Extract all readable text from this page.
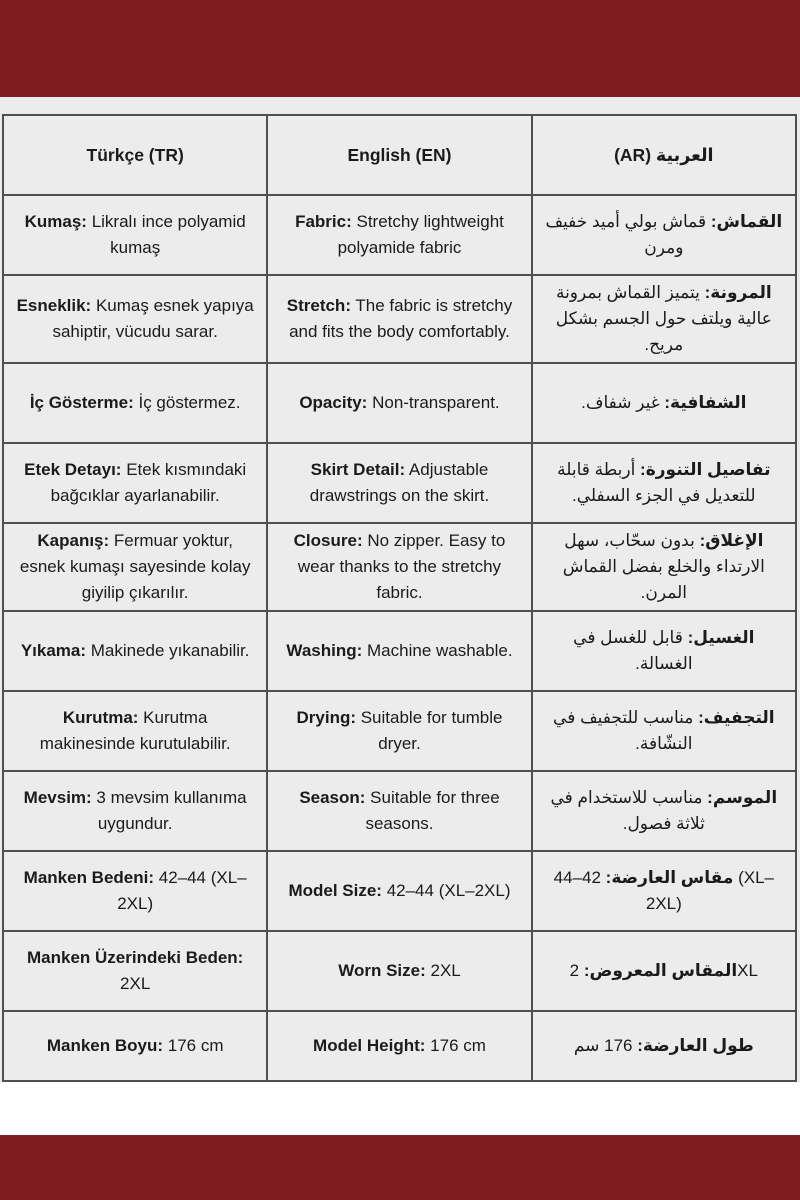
Türkçe (TR)	English (EN)	العربية (AR)
Kumaş: Likralı ince polyamid kumaş	Fabric: Stretchy lightweight polyamide fabric	القماش: قماش بولي أميد خفيف ومرن
Esneklik: Kumaş esnek yapıya sahiptir, vücudu sarar.	Stretch: The fabric is stretchy and fits the body comfortably.	المرونة: يتميز القماش بمرونة عالية ويلتف حول الجسم بشكل مريح.
İç Gösterme: İç göstermez.	Opacity: Non-transparent.	الشفافية: غير شفاف.
Etek Detayı: Etek kısmındaki bağcıklar ayarlanabilir.	Skirt Detail: Adjustable drawstrings on the skirt.	تفاصيل التنورة: أربطة قابلة للتعديل في الجزء السفلي.
Kapanış: Fermuar yoktur, esnek kumaşı sayesinde kolay giyilip çıkarılır.	Closure: No zipper. Easy to wear thanks to the stretchy fabric.	الإغلاق: بدون سحّاب، سهل الارتداء والخلع بفضل القماش المرن.
Yıkama: Makinede yıkanabilir.	Washing: Machine washable.	الغسيل: قابل للغسل في الغسالة.
Kurutma: Kurutma makinesinde kurutulabilir.	Drying: Suitable for tumble dryer.	التجفيف: مناسب للتجفيف في النشّافة.
Mevsim: 3 mevsim kullanıma uygundur.	Season: Suitable for three seasons.	الموسم: مناسب للاستخدام في ثلاثة فصول.
Manken Bedeni: 42–44 (XL–2XL)	Model Size: 42–44 (XL–2XL)	مقاس العارضة: 42–44 (XL–2XL)
Manken Üzerindeki Beden: 2XL	Worn Size: 2XL	المقاس المعروض: 2XL
Manken Boyu: 176 cm	Model Height: 176 cm	طول العارضة: 176 سم
